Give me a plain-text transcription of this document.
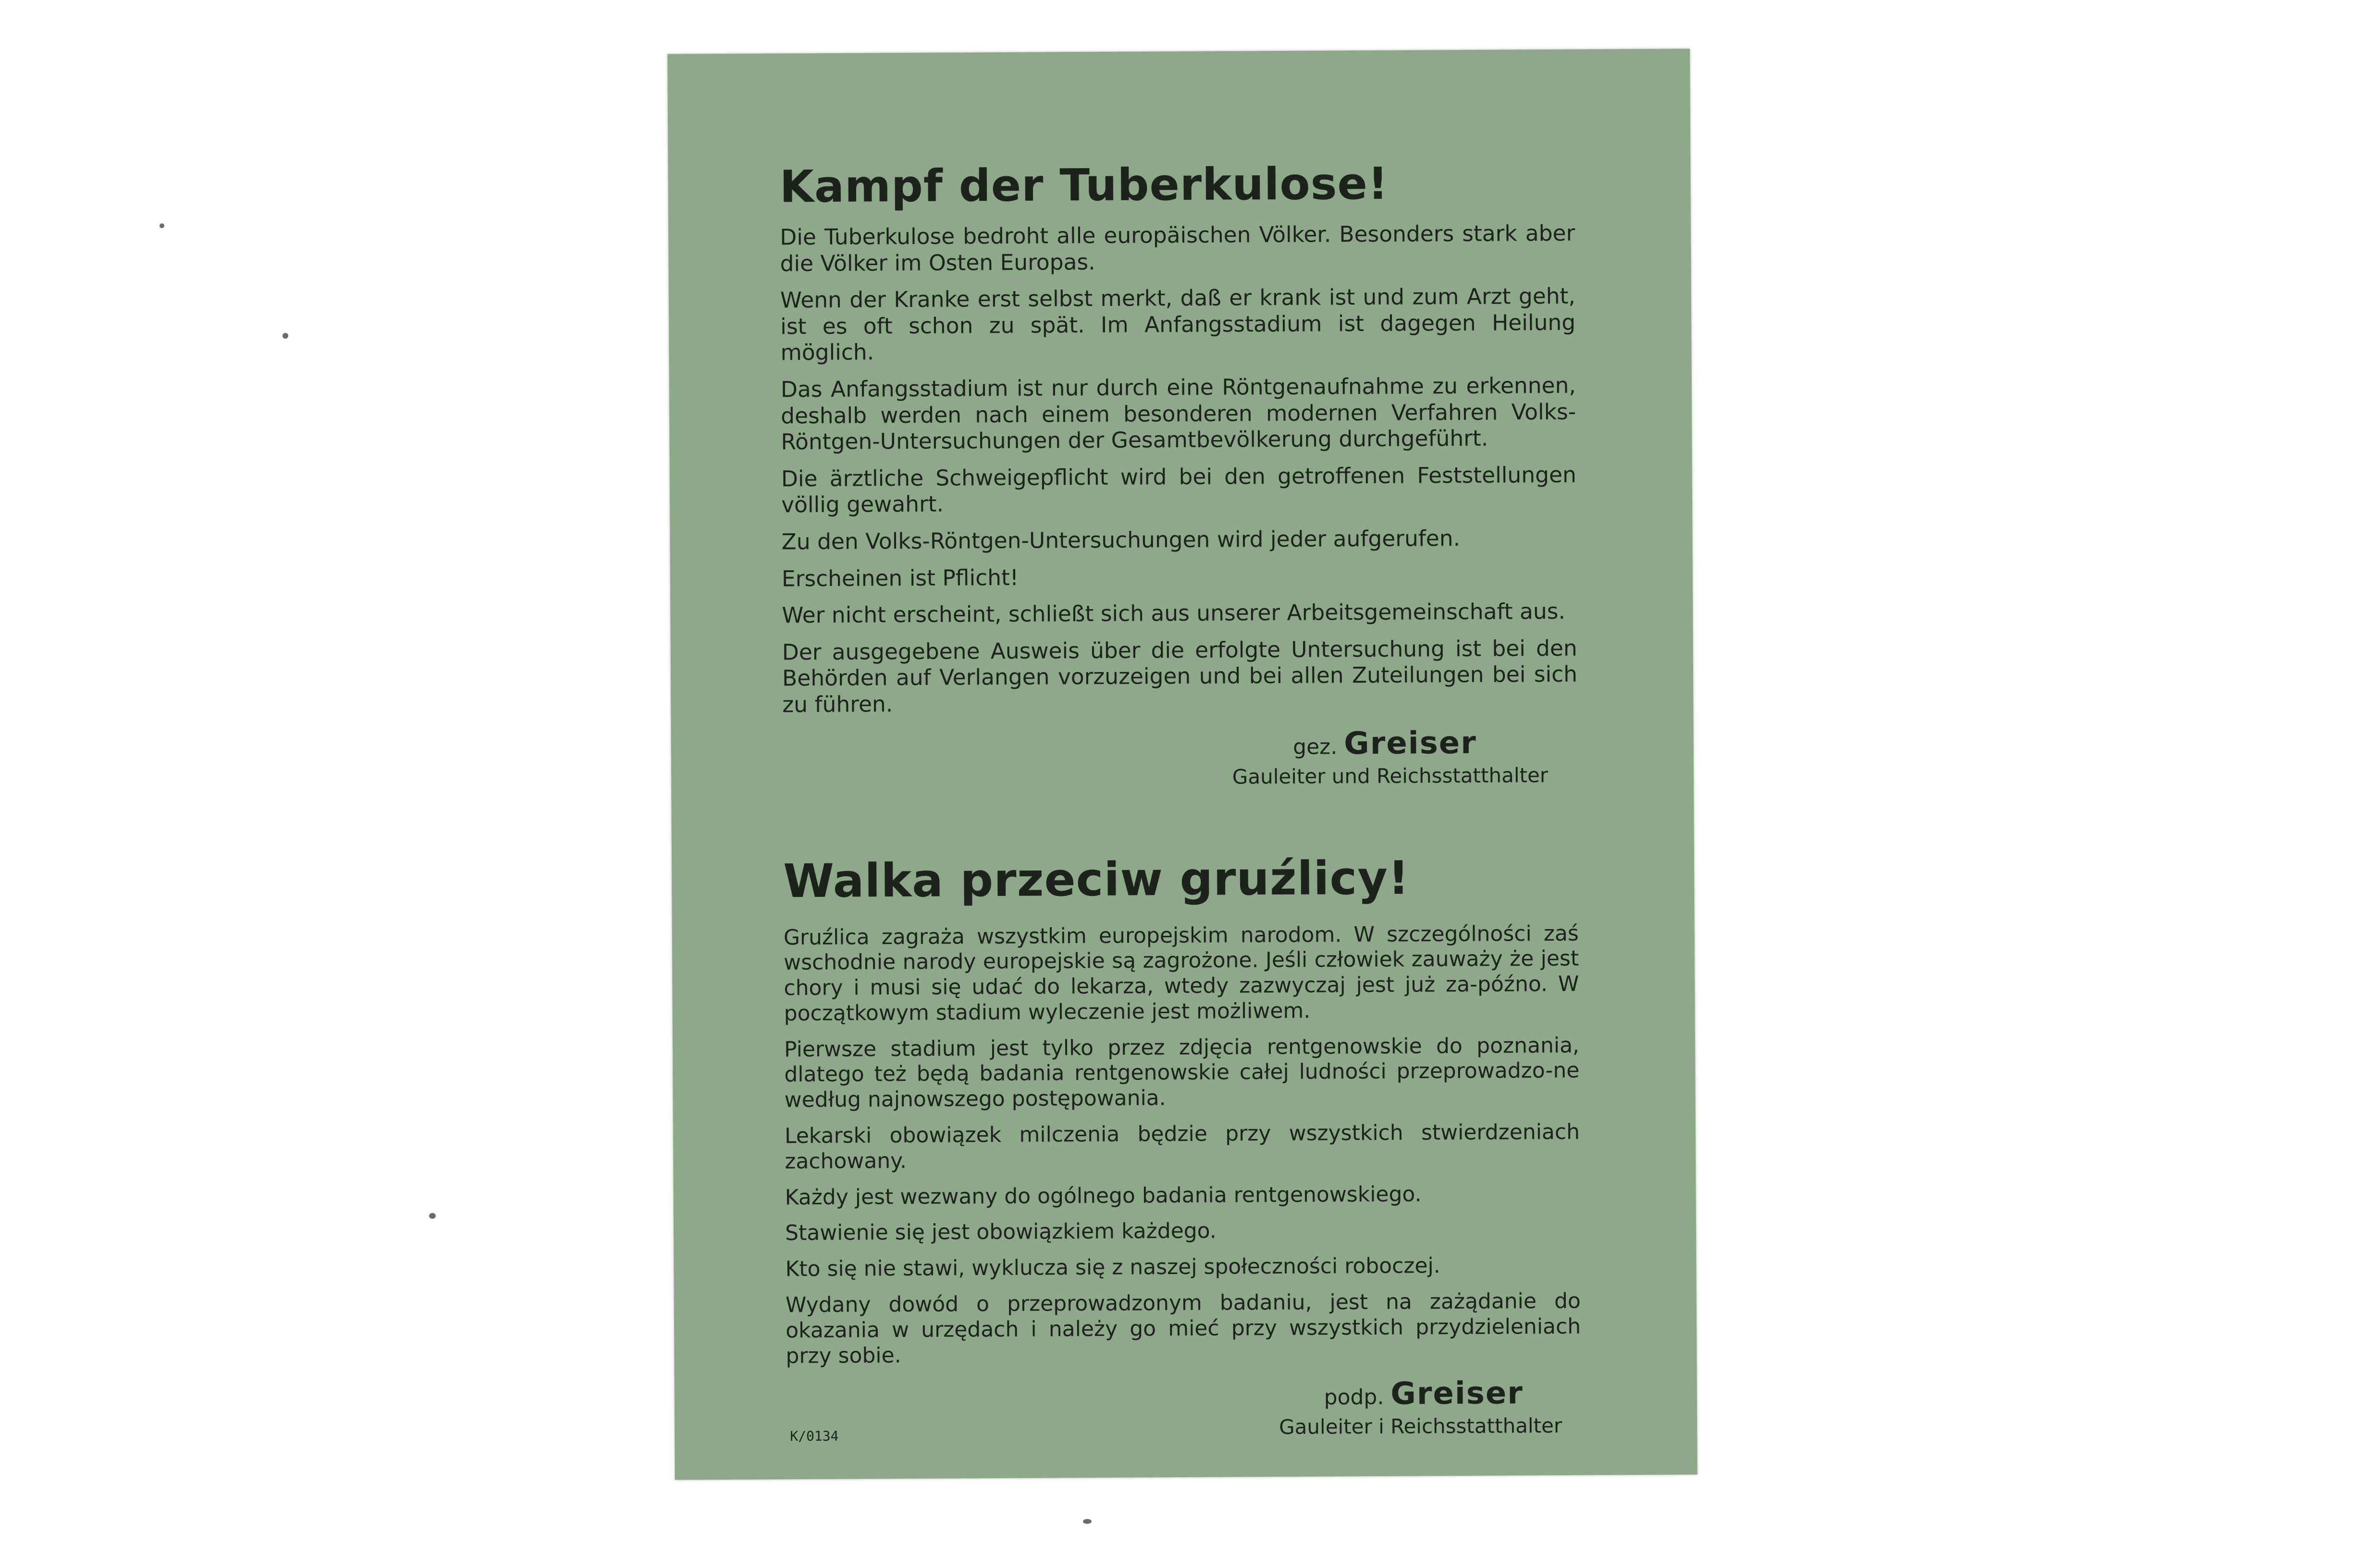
Kampf der Tuberkulose!

Die Tuberkulose bedroht alle europäischen Völker. Besonders stark aber die Völker im Osten Europas.

Wenn der Kranke erst selbst merkt, daß er krank ist und zum Arzt geht, ist es oft schon zu spät. Im Anfangsstadium ist dagegen Heilung möglich.

Das Anfangsstadium ist nur durch eine Röntgenaufnahme zu erkennen, deshalb werden nach einem besonderen modernen Verfahren Volks-Röntgen-Untersuchungen der Gesamtbevölkerung durchgeführt.

Die ärztliche Schweigepflicht wird bei den getroffenen Feststellungen völlig gewahrt.

Zu den Volks-Röntgen-Untersuchungen wird jeder aufgerufen.

Erscheinen ist Pflicht!

Wer nicht erscheint, schließt sich aus unserer Arbeitsgemeinschaft aus.

Der ausgegebene Ausweis über die erfolgte Untersuchung ist bei den Behörden auf Verlangen vorzuzeigen und bei allen Zuteilungen bei sich zu führen.

gez. Greiser
Gauleiter und Reichsstatthalter
Walka przeciw gruźlicy!

Gruźlica zagraża wszystkim europejskim narodom. W szczególności zaś wschodnie narody europejskie są zagrożone. Jeśli człowiek zauważy że jest chory i musi się udać do lekarza, wtedy zazwyczaj jest już za-późno. W początkowym stadium wyleczenie jest możliwem.

Pierwsze stadium jest tylko przez zdjęcia rentgenowskie do poznania, dlatego też będą badania rentgenowskie całej ludności przeprowadzo-ne według najnowszego postępowania.

Lekarski obowiązek milczenia będzie przy wszystkich stwierdzeniach zachowany.

Każdy jest wezwany do ogólnego badania rentgenowskiego.

Stawienie się jest obowiązkiem każdego.

Kto się nie stawi, wyklucza się z naszej społeczności roboczej.

Wydany dowód o przeprowadzonym badaniu, jest na zażądanie do okazania w urzędach i należy go mieć przy wszystkich przydzieleniach przy sobie.

podp. Greiser
Gauleiter i Reichsstatthalter
K/0134
